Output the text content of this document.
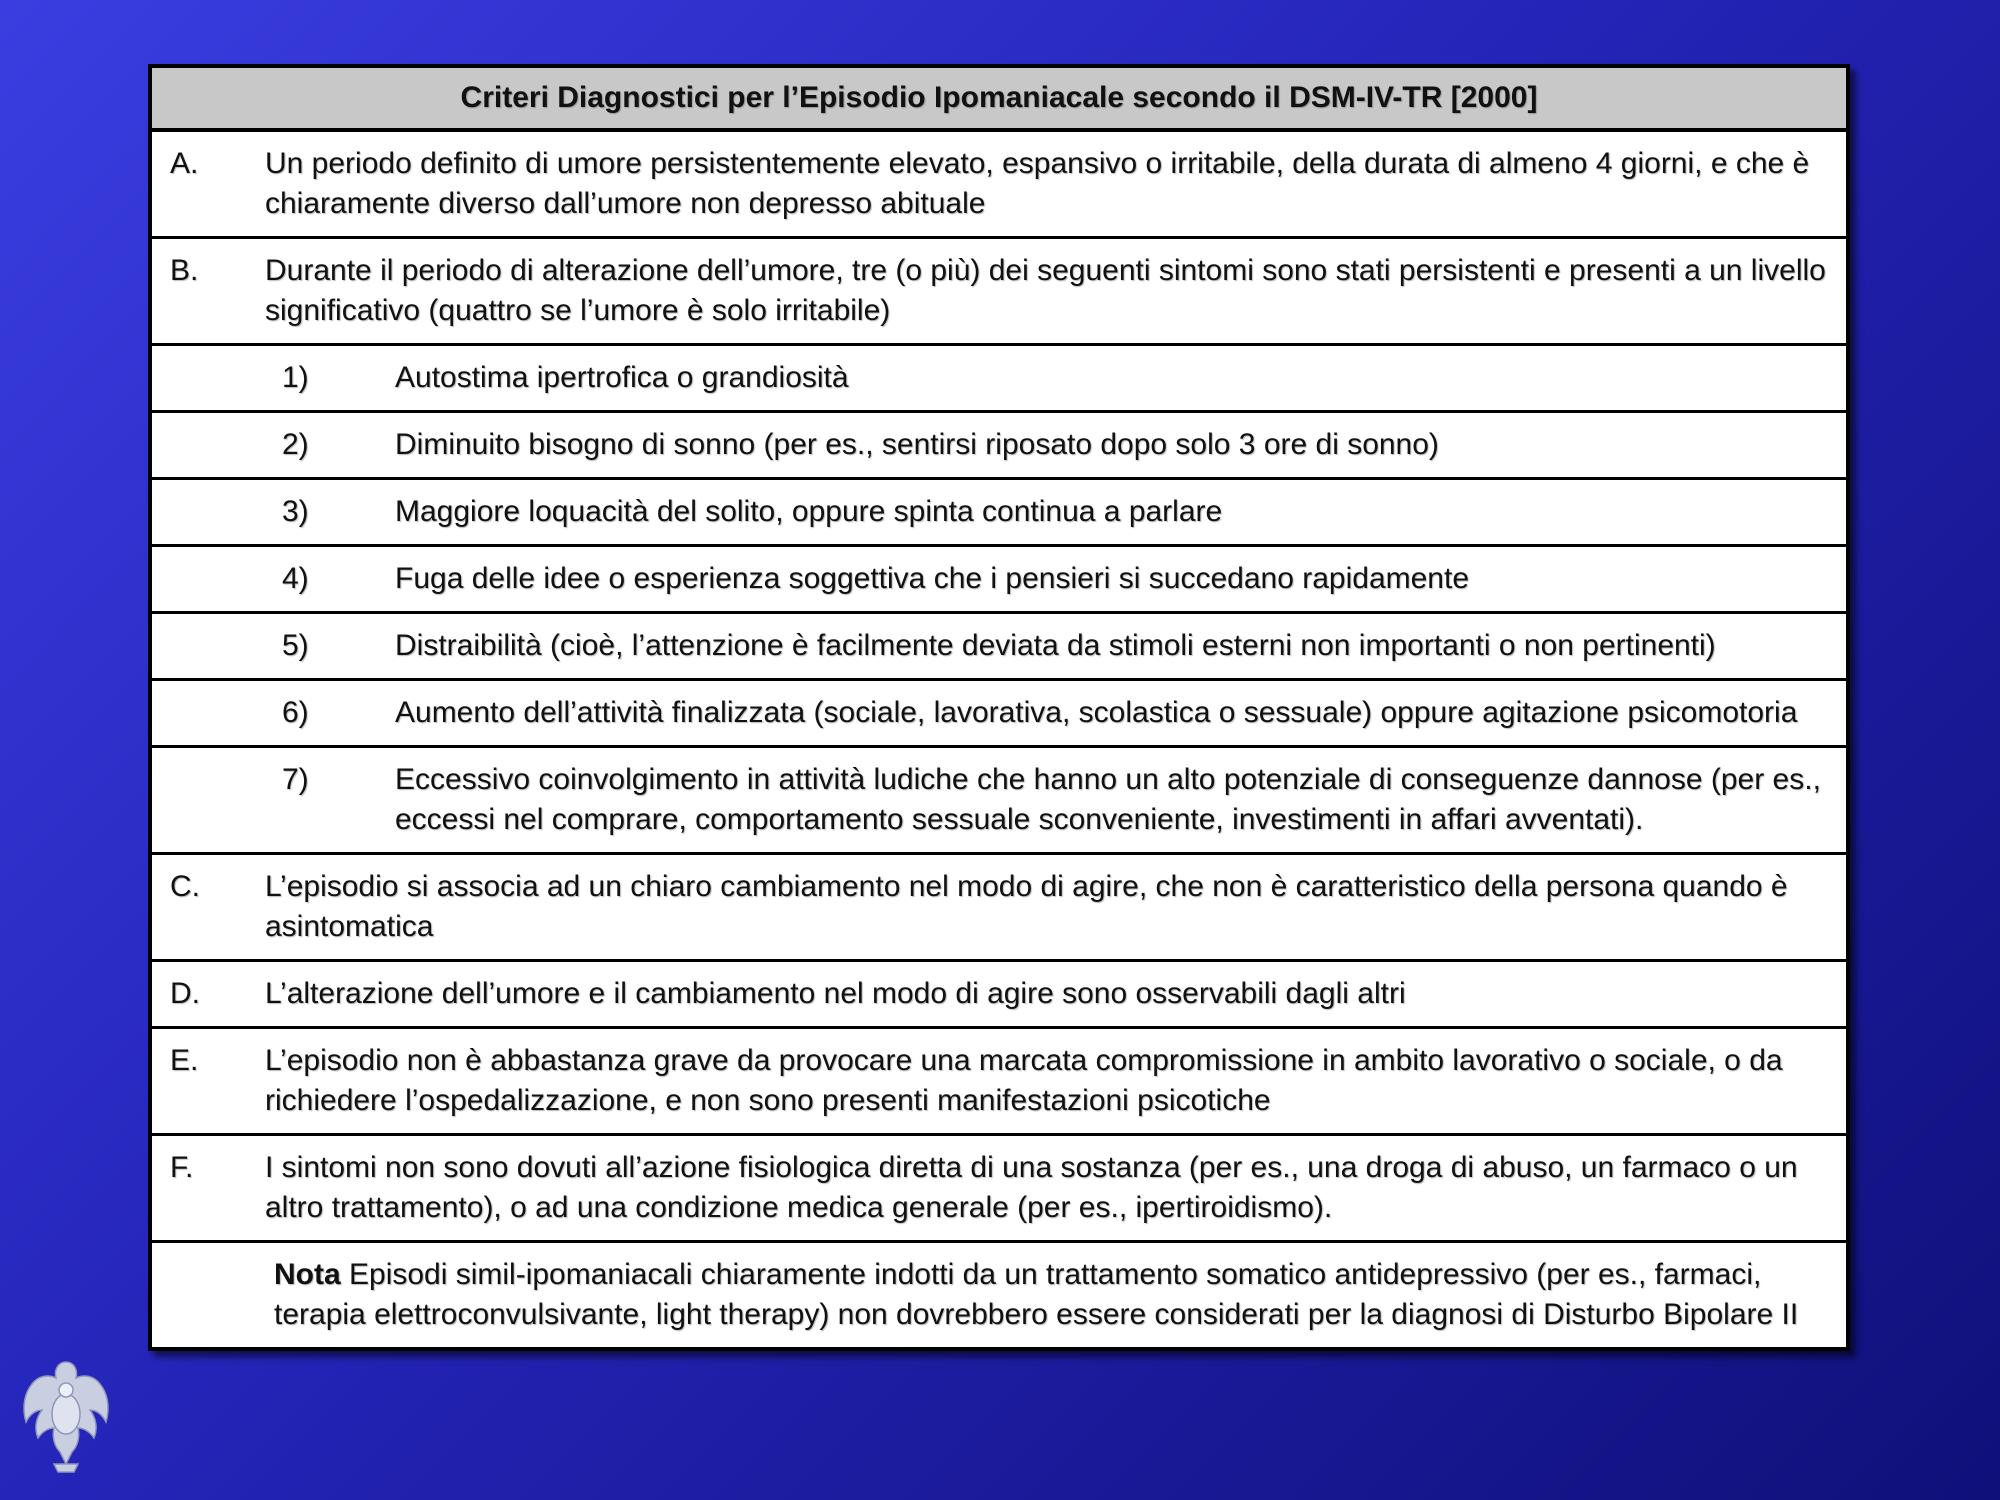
Criteri Diagnostici per l’Episodio Ipomaniacale secondo il DSM-IV-TR [2000]
A.	Un periodo definito di umore persistentemente elevato, espansivo o irritabile, della durata di almeno 4 giorni, e che è chiaramente diverso dall’umore non depresso abituale
B.	Durante il periodo di alterazione dell’umore, tre (o più) dei seguenti sintomi sono stati persistenti e presenti a un livello significativo (quattro se l’umore è solo irritabile)
1)	Autostima ipertrofica o grandiosità
2)	Diminuito bisogno di sonno (per es., sentirsi riposato dopo solo 3 ore di sonno)
3)	Maggiore loquacità del solito, oppure spinta continua a parlare
4)	Fuga delle idee o esperienza soggettiva che i pensieri si succedano rapidamente
5)	Distraibilità (cioè, l’attenzione è facilmente deviata da stimoli esterni non importanti o non pertinenti)
6)	Aumento dell’attività finalizzata (sociale, lavorativa, scolastica o sessuale) oppure agitazione psicomotoria
7)	Eccessivo coinvolgimento in attività ludiche che hanno un alto potenziale di conseguenze dannose (per es., eccessi nel comprare, comportamento sessuale sconveniente, investimenti in affari avventati).
C.	L’episodio si associa ad un chiaro cambiamento nel modo di agire, che non è caratteristico della persona quando è asintomatica
D.	L’alterazione dell’umore e il cambiamento nel modo di agire sono osservabili dagli altri
E.	L’episodio non è abbastanza grave da provocare una marcata compromissione in ambito lavorativo o sociale, o da richiedere l’ospedalizzazione, e non sono presenti manifestazioni psicotiche
F.	I sintomi non sono dovuti all’azione fisiologica diretta di una sostanza (per es., una droga di abuso, un farmaco o un altro trattamento), o ad una condizione medica generale (per es., ipertiroidismo).
Nota Episodi simil-ipomaniacali chiaramente indotti da un trattamento somatico antidepressivo (per es., farmaci, terapia elettroconvulsivante, light therapy) non dovrebbero essere considerati per la diagnosi di Disturbo Bipolare II
